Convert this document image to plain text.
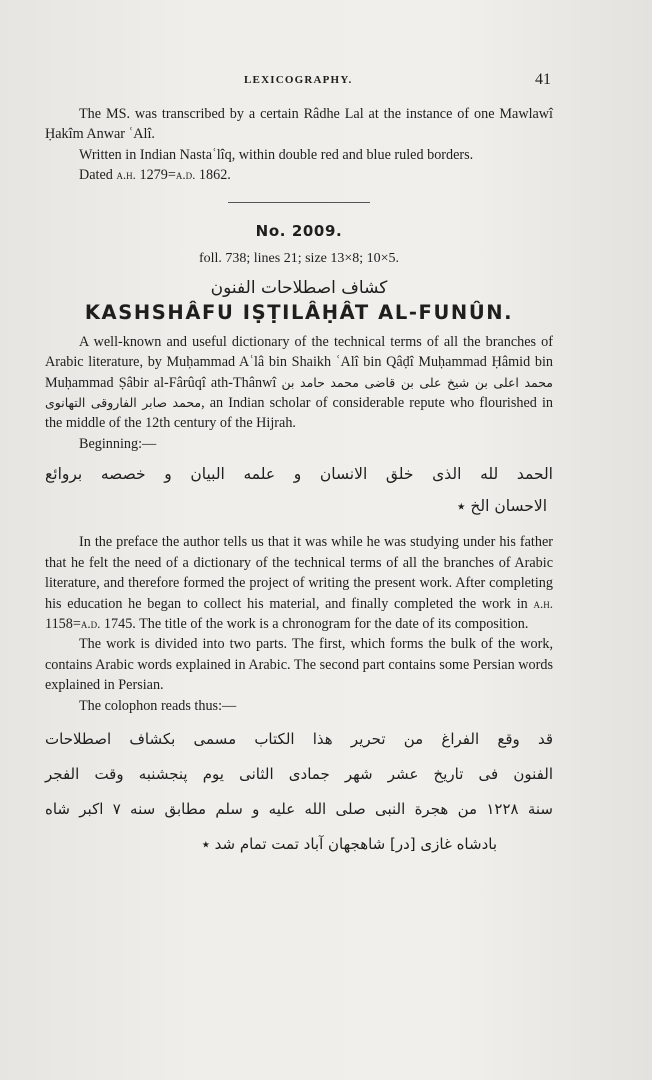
LEXICOGRAPHY.	41

The MS. was transcribed by a certain Râdhe Lal at the instance of one Mawlawî Ḥakîm Anwar ʿAlî.

Written in Indian Nastaʿlîq, within double red and blue ruled borders.

Dated a.h. 1279=a.d. 1862.

No. 2009.
foll. 738; lines 21; size 13×8; 10×5.
كشاف اصطلاحات الفنون
KASHSHÂFU IṢṬILÂḤÂT AL-FUNÛN.

A well-known and useful dictionary of the technical terms of all the branches of Arabic literature, by Muḥammad Aʿlâ bin Shaikh ʿAlî bin Qâḍî Muḥammad Ḥâmid bin Muḥammad Ṣâbir al-Fârûqî ath-Thânwî محمد اعلى بن شيخ على بن قاضى محمد حامد بن محمد صابر الفاروقى التهانوى, an Indian scholar of considerable repute who flourished in the middle of the 12th century of the Hijrah.

Beginning:—

الحمد لله الذى خلق الانسان و علمه البيان و خصصه بروائع

الاحسان الخ ٭

In the preface the author tells us that it was while he was studying under his father that he felt the need of a dictionary of the technical terms of all the branches of Arabic literature, and therefore formed the project of writing the present work. After completing his education he began to collect his material, and finally completed the work in a.h. 1158=a.d. 1745. The title of the work is a chronogram for the date of its composition.

The work is divided into two parts. The first, which forms the bulk of the work, contains Arabic words explained in Arabic. The second part contains some Persian words explained in Persian.

The colophon reads thus:—

قد وقع الفراغ من تحرير هذا الكتاب مسمى بكشاف اصطلاحات

الفنون فى تاريخ عشر شهر جمادى الثانى يوم پنجشنبه وقت الفجر

سنة ١٢٢٨ من هجرة النبى صلى الله عليه و سلم مطابق سنه ٧ اكبر شاه

بادشاه غازى [در] شاهجهان آباد تمت تمام شد ٭
